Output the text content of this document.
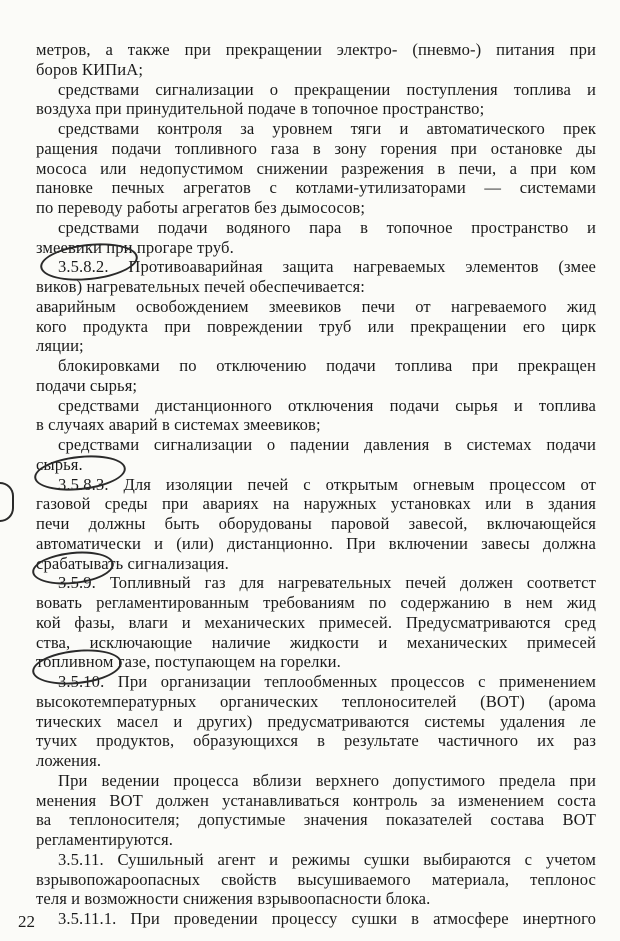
метров, а также при прекращении электро- (пневмо-) питания при
боров КИПиА;
средствами сигнализации о прекращении поступления топлива и
воздуха при принудительной подаче в топочное пространство;
средствами контроля за уровнем тяги и автоматического прек
ращения подачи топливного газа в зону горения при остановке ды
мососа или недопустимом снижении разрежения в печи, а при ком
пановке печных агрегатов с котлами-утилизаторами — системами
по переводу работы агрегатов без дымососов;
средствами подачи водяного пара в топочное пространство и
змеевики при прогаре труб.
3.5.8.2. Противоаварийная защита нагреваемых элементов (змее
виков) нагревательных печей обеспечивается:
аварийным освобождением змеевиков печи от нагреваемого жид
кого продукта при повреждении труб или прекращении его цирк
ляции;
блокировками по отключению подачи топлива при прекращен
подачи сырья;
средствами дистанционного отключения подачи сырья и топлива
в случаях аварий в системах змеевиков;
средствами сигнализации о падении давления в системах подачи
сырья.
3.5.8.3. Для изоляции печей с открытым огневым процессом от
газовой среды при авариях на наружных установках или в здания
печи должны быть оборудованы паровой завесой, включающейся
автоматически и (или) дистанционно. При включении завесы должна
срабатывать сигнализация.
3.5.9. Топливный газ для нагревательных печей должен соответст
вовать регламентированным требованиям по содержанию в нем жид
кой фазы, влаги и механических примесей. Предусматриваются сред
ства, исключающие наличие жидкости и механических примесей
топливном газе, поступающем на горелки.
3.5.10. При организации теплообменных процессов с применением
высокотемпературных органических теплоносителей (ВОТ) (арома
тических масел и других) предусматриваются системы удаления ле
тучих продуктов, образующихся в результате частичного их раз
ложения.
При ведении процесса вблизи верхнего допустимого предела при
менения ВОТ должен устанавливаться контроль за изменением соста
ва теплоносителя; допустимые значения показателей состава ВОТ
регламентируются.
3.5.11. Сушильный агент и режимы сушки выбираются с учетом
взрывопожароопасных свойств высушиваемого материала, теплонос
теля и возможности снижения взрывоопасности блока.
3.5.11.1. При проведении процессу сушки в атмосфере инертного
22
